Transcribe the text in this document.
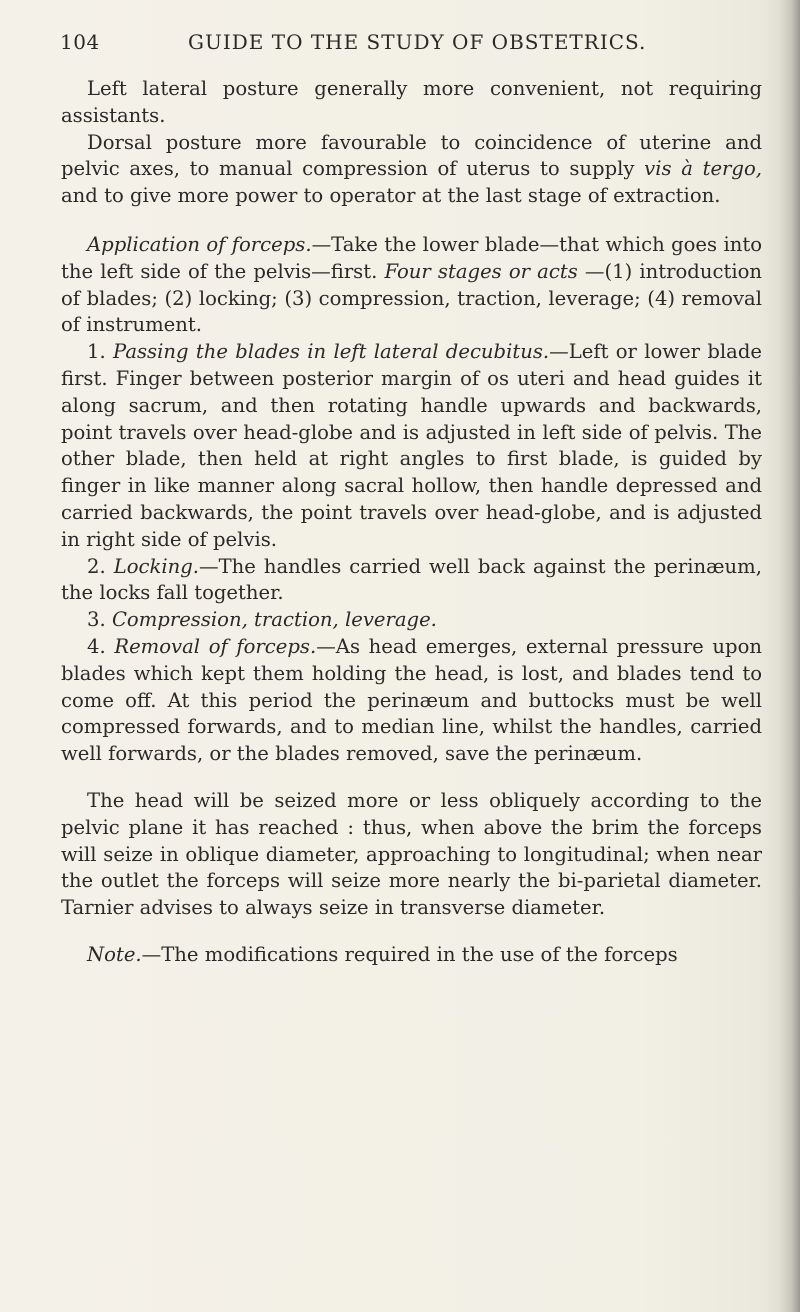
104	GUIDE TO THE STUDY OF OBSTETRICS.

Left lateral posture generally more convenient, not requiring assistants.

Dorsal posture more favourable to coincidence of uterine and pelvic axes, to manual compression of uterus to supply vis à tergo, and to give more power to operator at the last stage of extraction.

Application of forceps.—Take the lower blade—that which goes into the left side of the pelvis—first. Four stages or acts —(1) introduction of blades; (2) locking; (3) compression, traction, leverage; (4) removal of instrument.

1. Passing the blades in left lateral decubitus.—Left or lower blade first. Finger between posterior margin of os uteri and head guides it along sacrum, and then rotating handle upwards and backwards, point travels over head-globe and is adjusted in left side of pelvis. The other blade, then held at right angles to first blade, is guided by finger in like manner along sacral hollow, then handle depressed and carried backwards, the point travels over head-globe, and is adjusted in right side of pelvis.

2. Locking.—The handles carried well back against the perinæum, the locks fall together.

3. Compression, traction, leverage.

4. Removal of forceps.—As head emerges, external pressure upon blades which kept them holding the head, is lost, and blades tend to come off. At this period the perinæum and buttocks must be well compressed forwards, and to median line, whilst the handles, carried well forwards, or the blades removed, save the perinæum.

The head will be seized more or less obliquely according to the pelvic plane it has reached : thus, when above the brim the forceps will seize in oblique diameter, approaching to longitudinal; when near the outlet the forceps will seize more nearly the bi-parietal diameter. Tarnier advises to always seize in transverse diameter.

Note.—The modifications required in the use of the forceps
